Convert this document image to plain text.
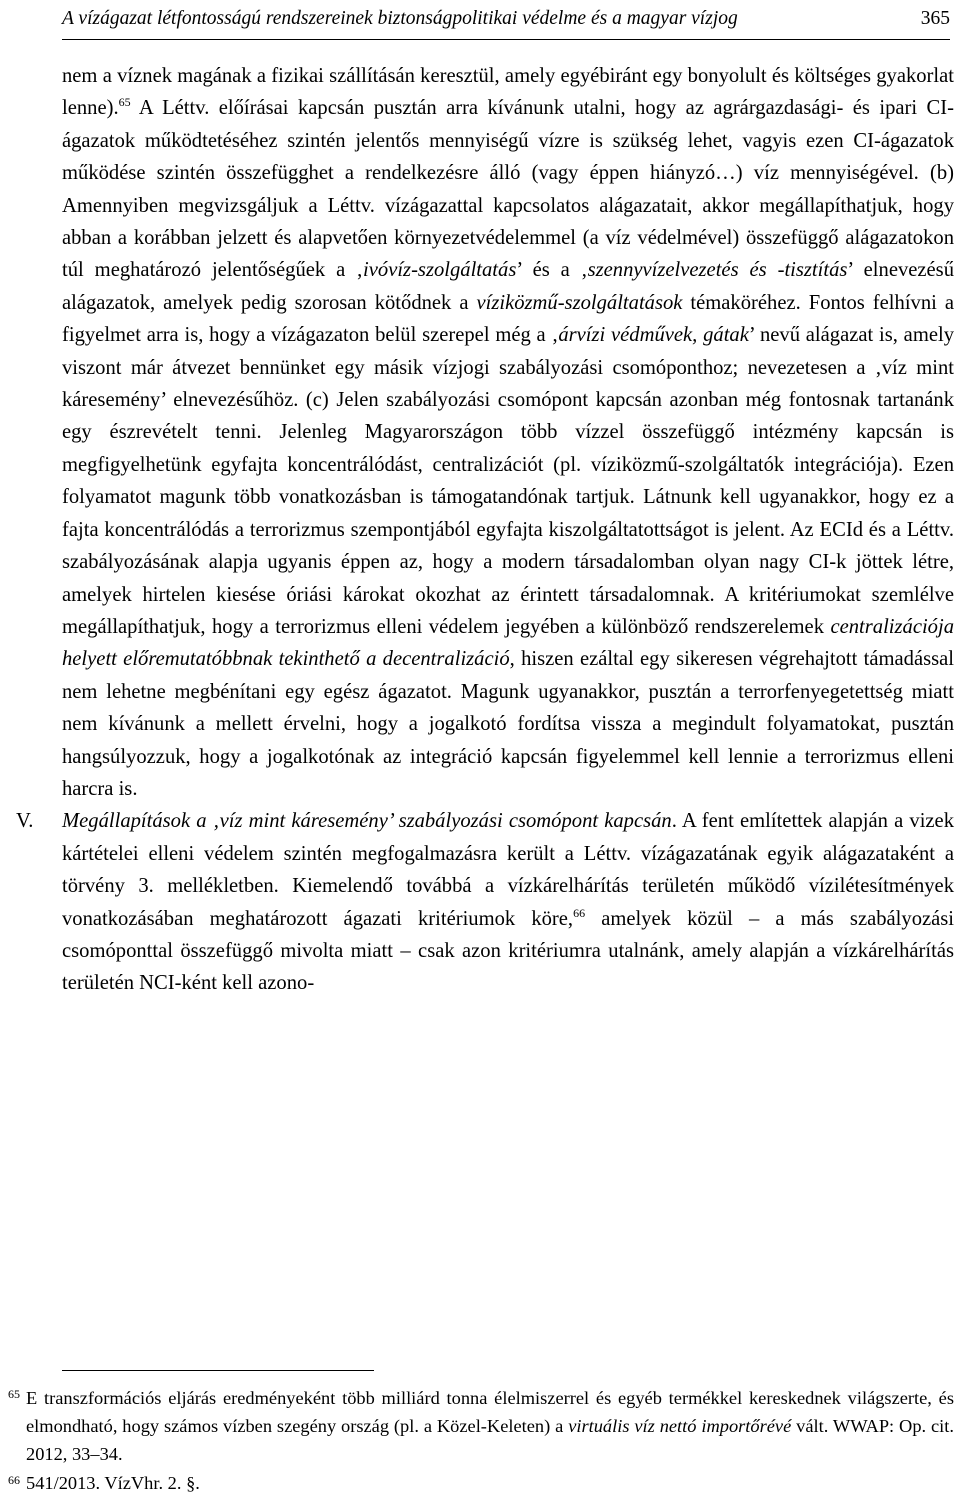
A vízágazat létfontosságú rendszereinek biztonságpolitikai védelme és a magyar vízjog	365

nem a víznek magának a fizikai szállításán keresztül, amely egyébiránt egy bonyolult és költséges gyakorlat lenne).$^{65}$ A Léttv. előírásai kapcsán pusztán arra kívánunk utalni, hogy az agrárgazdasági- és ipari CI-ágazatok működtetéséhez szintén jelentős mennyiségű vízre is szükség lehet, vagyis ezen CI-ágazatok működése szintén összefügghet a rendelkezésre álló (vagy éppen hiányzó…) víz mennyiségével. (b) Amennyiben megvizsgáljuk a Léttv. vízágazattal kapcsolatos alágazatait, akkor megállapíthatjuk, hogy abban a korábban jelzett és alapvetően környezetvédelemmel (a víz védelmével) összefüggő alágazatokon túl meghatározó jelentőségűek a ‚ivóvíz-szolgáltatás’ és a ‚szennyvízelvezetés és -tisztítás’ elnevezésű alágazatok, amelyek pedig szorosan kötődnek a víziközmű-szolgáltatások témaköréhez. Fontos felhívni a figyelmet arra is, hogy a vízágazaton belül szerepel még a ‚árvízi védművek, gátak’ nevű alágazat is, amely viszont már átvezet bennünket egy másik vízjogi szabályozási csomóponthoz; nevezetesen a ‚víz mint káresemény’ elnevezésűhöz. (c) Jelen szabályozási csomópont kapcsán azonban még fontosnak tartanánk egy észrevételt tenni. Jelenleg Magyarországon több vízzel összefüggő intézmény kapcsán is megfigyelhetünk egyfajta koncentrálódást, centralizációt (pl. víziközmű-szolgáltatók integrációja). Ezen folyamatot magunk több vonatkozásban is támogatandónak tartjuk. Látnunk kell ugyanakkor, hogy ez a fajta koncentrálódás a terrorizmus szempontjából egyfajta kiszolgáltatottságot is jelent. Az ECId és a Léttv. szabályozásának alapja ugyanis éppen az, hogy a modern társadalomban olyan nagy CI-k jöttek létre, amelyek hirtelen kiesése óriási károkat okozhat az érintett társadalomnak. A kritériumokat szemlélve megállapíthatjuk, hogy a terrorizmus elleni védelem jegyében a különböző rendszerelemek centralizációja helyett előremutatóbbnak tekinthető a decentralizáció, hiszen ezáltal egy sikeresen végrehajtott támadással nem lehetne megbénítani egy egész ágazatot. Magunk ugyanakkor, pusztán a terrorfenyegetettség miatt nem kívánunk a mellett érvelni, hogy a jogalkotó fordítsa vissza a megindult folyamatokat, pusztán hangsúlyozzuk, hogy a jogalkotónak az integráció kapcsán figyelemmel kell lennie a terrorizmus elleni harcra is.

V. Megállapítások a ‚víz mint káresemény’ szabályozási csomópont kapcsán. A fent említettek alapján a vizek kártételei elleni védelem szintén megfogalmazásra került a Léttv. vízágazatának egyik alágazataként a törvény 3. mellékletben. Kiemelendő továbbá a vízkárelhárítás területén működő vízilétesítmények vonatkozásában meghatározott ágazati kritériumok köre,$^{66}$ amelyek közül – a más szabályozási csomóponttal összefüggő mivolta miatt – csak azon kritériumra utalnánk, amely alapján a vízkárelhárítás területén NCI-ként kell azono-

65 E transzformációs eljárás eredményeként több milliárd tonna élelmiszerrel és egyéb termékkel kereskednek világszerte, és elmondható, hogy számos vízben szegény ország (pl. a Közel-Keleten) a virtuális víz nettó importőrévé vált. WWAP: Op. cit. 2012, 33–34.

66 541/2013. VízVhr. 2. §.
